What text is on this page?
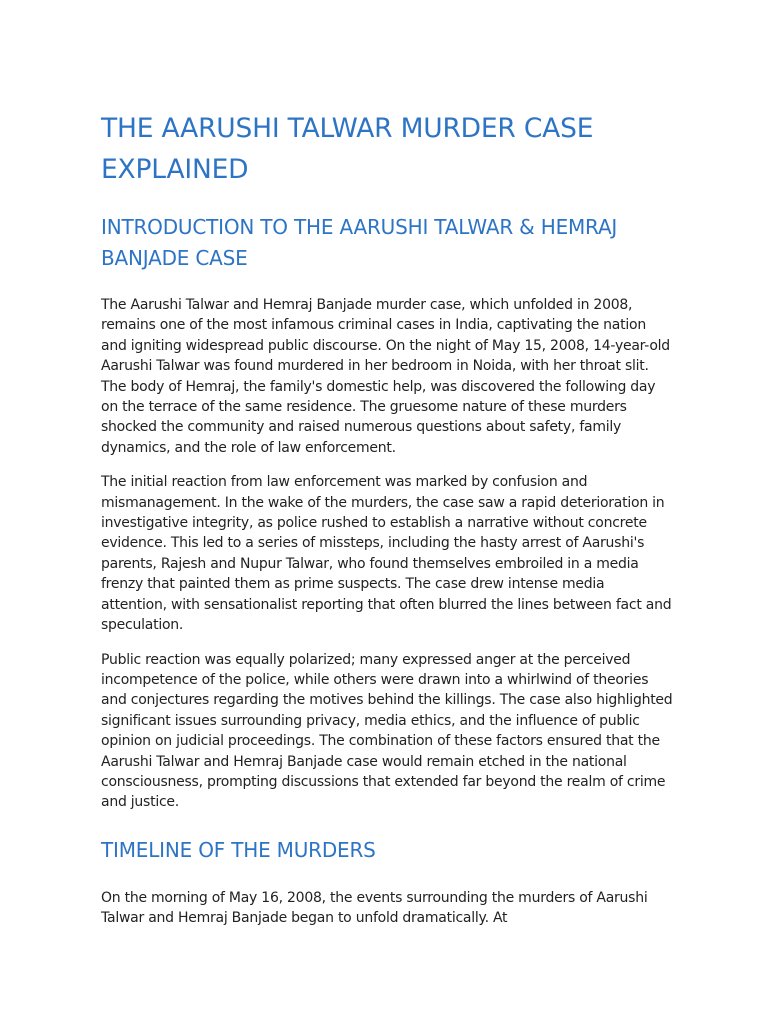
THE AARUSHI TALWAR MURDER CASE EXPLAINED
INTRODUCTION TO THE AARUSHI TALWAR & HEMRAJ BANJADE CASE

The Aarushi Talwar and Hemraj Banjade murder case, which unfolded in 2008, remains one of the most infamous criminal cases in India, captivating the nation and igniting widespread public discourse. On the night of May 15, 2008, 14-year-old Aarushi Talwar was found murdered in her bedroom in Noida, with her throat slit. The body of Hemraj, the family's domestic help, was discovered the following day on the terrace of the same residence. The gruesome nature of these murders shocked the community and raised numerous questions about safety, family dynamics, and the role of law enforcement.

The initial reaction from law enforcement was marked by confusion and mismanagement. In the wake of the murders, the case saw a rapid deterioration in investigative integrity, as police rushed to establish a narrative without concrete evidence. This led to a series of missteps, including the hasty arrest of Aarushi's parents, Rajesh and Nupur Talwar, who found themselves embroiled in a media frenzy that painted them as prime suspects. The case drew intense media attention, with sensationalist reporting that often blurred the lines between fact and speculation.

Public reaction was equally polarized; many expressed anger at the perceived incompetence of the police, while others were drawn into a whirlwind of theories and conjectures regarding the motives behind the killings. The case also highlighted significant issues surrounding privacy, media ethics, and the influence of public opinion on judicial proceedings. The combination of these factors ensured that the Aarushi Talwar and Hemraj Banjade case would remain etched in the national consciousness, prompting discussions that extended far beyond the realm of crime and justice.

TIMELINE OF THE MURDERS

On the morning of May 16, 2008, the events surrounding the murders of Aarushi Talwar and Hemraj Banjade began to unfold dramatically. At
